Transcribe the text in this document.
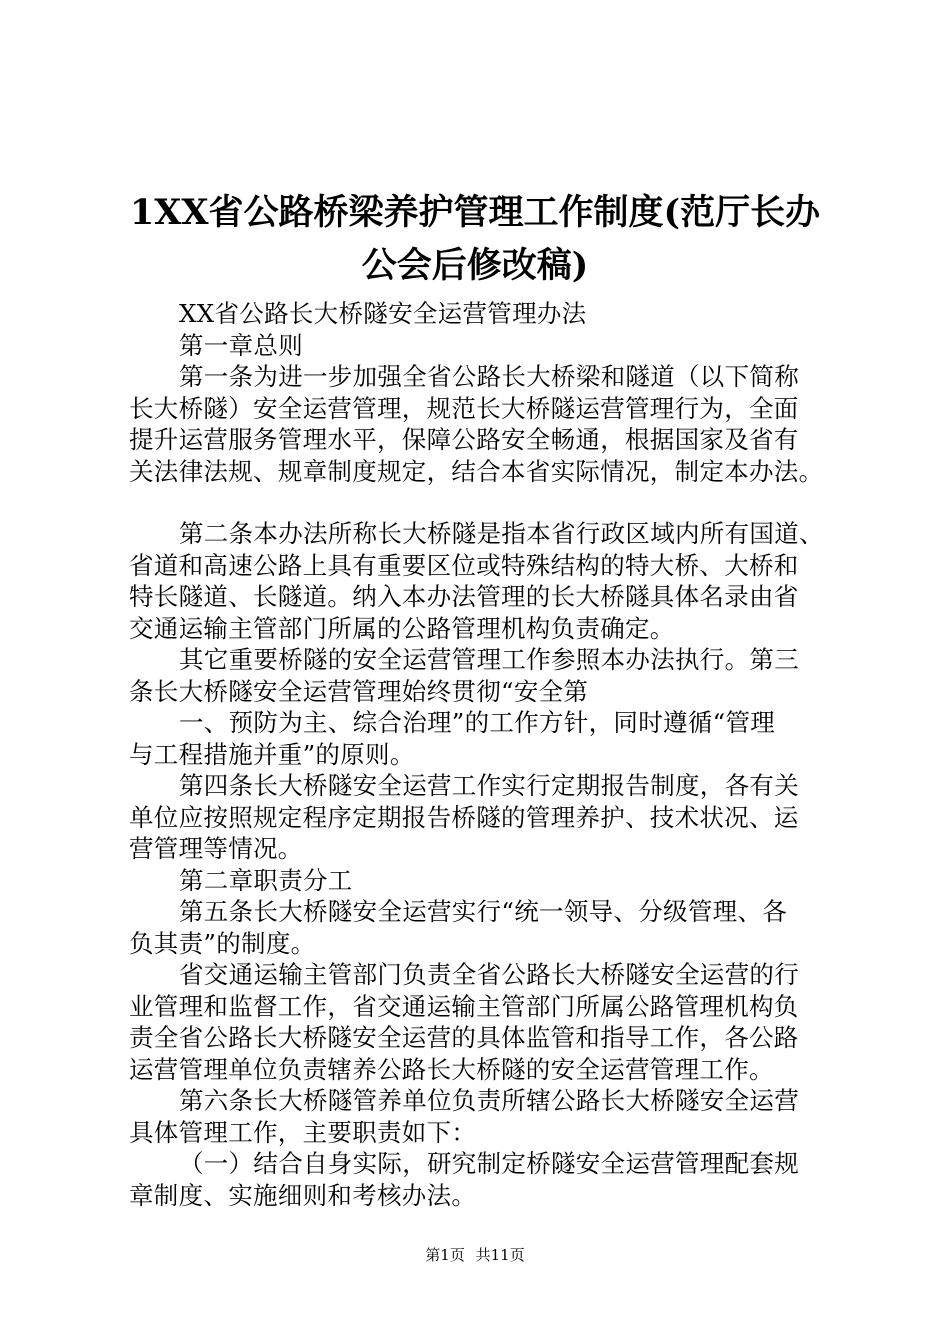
1XX省公路桥梁养护管理工作制度(范厅长办
公会后修改稿)
XX省公路长大桥隧安全运营管理办法
第一章总则
第一条为进一步加强全省公路长大桥梁和隧道（以下简称
长大桥隧）安全运营管理，规范长大桥隧运营管理行为，全面
提升运营服务管理水平，保障公路安全畅通，根据国家及省有
关法律法规、规章制度规定，结合本省实际情况，制定本办法。
第二条本办法所称长大桥隧是指本省行政区域内所有国道、
省道和高速公路上具有重要区位或特殊结构的特大桥、大桥和
特长隧道、长隧道。纳入本办法管理的长大桥隧具体名录由省
交通运输主管部门所属的公路管理机构负责确定。
其它重要桥隧的安全运营管理工作参照本办法执行。第三
条长大桥隧安全运营管理始终贯彻“安全第
一、预防为主、综合治理”的工作方针，同时遵循“管理
与工程措施并重”的原则。
第四条长大桥隧安全运营工作实行定期报告制度，各有关
单位应按照规定程序定期报告桥隧的管理养护、技术状况、运
营管理等情况。
第二章职责分工
第五条长大桥隧安全运营实行“统一领导、分级管理、各
负其责”的制度。
省交通运输主管部门负责全省公路长大桥隧安全运营的行
业管理和监督工作，省交通运输主管部门所属公路管理机构负
责全省公路长大桥隧安全运营的具体监管和指导工作，各公路
运营管理单位负责辖养公路长大桥隧的安全运营管理工作。
第六条长大桥隧管养单位负责所辖公路长大桥隧安全运营
具体管理工作，主要职责如下：
（一）结合自身实际，研究制定桥隧安全运营管理配套规
章制度、实施细则和考核办法。
第1页 共11页
